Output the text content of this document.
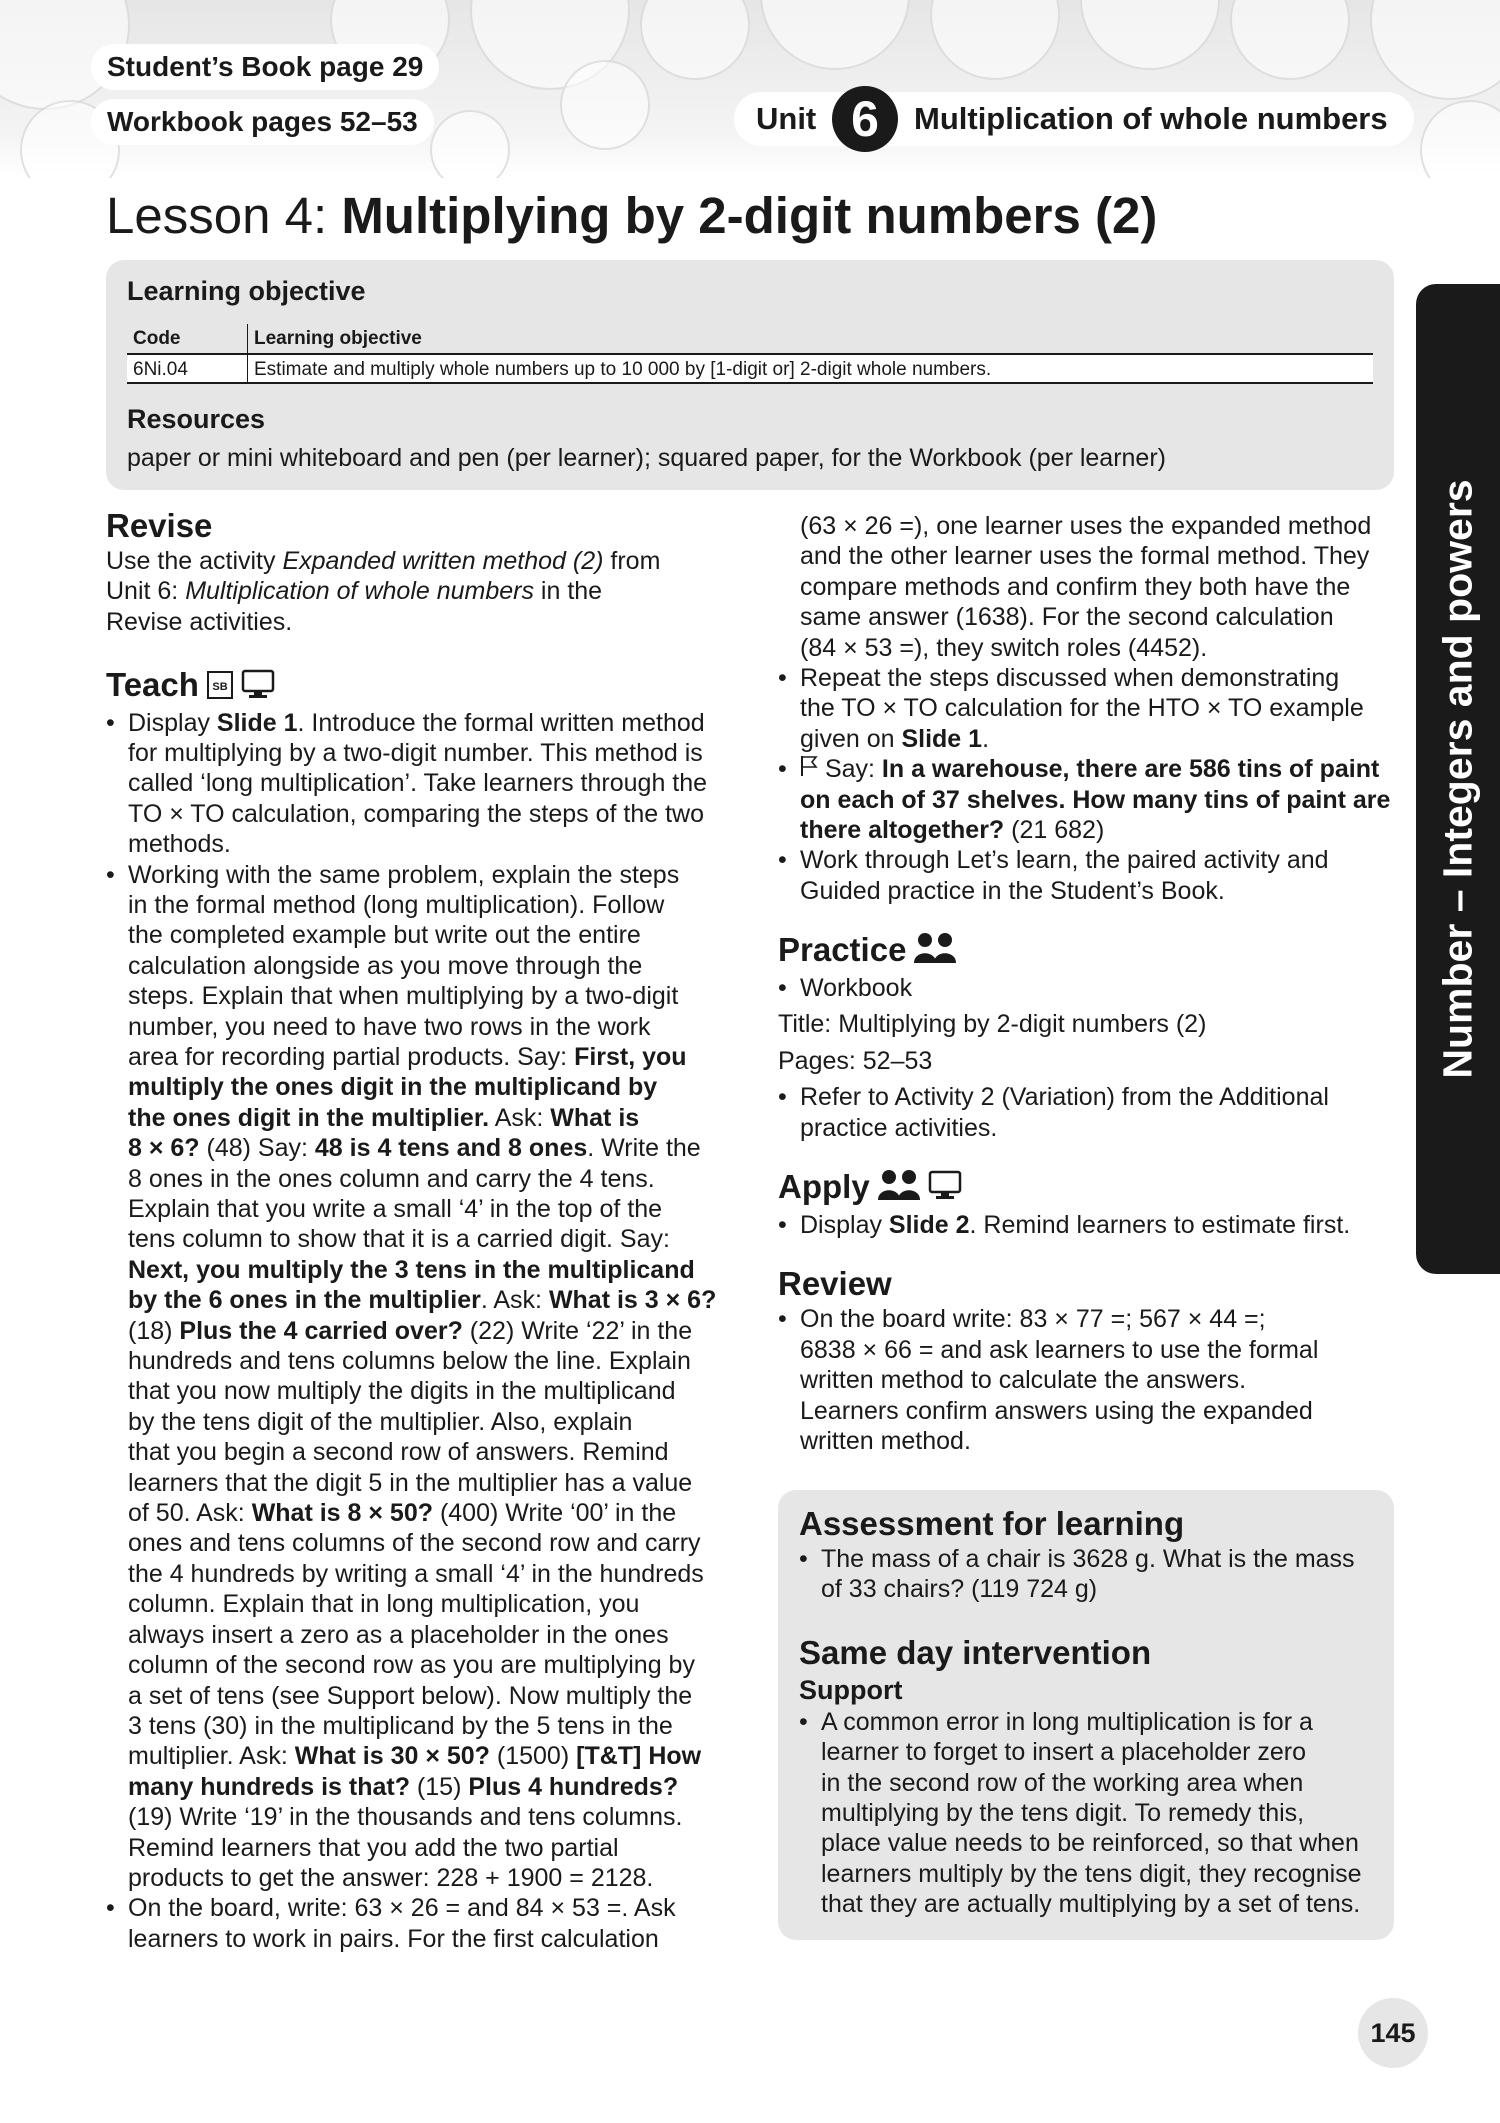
Student’s Book page 29
Workbook pages 52–53	Unit 6	Multiplication of whole numbers
Lesson 4: Multiplying by 2-digit numbers (2)
Learning objective
Code	Learning objective
6Ni.04	Estimate and multiply whole numbers up to 10 000 by [1-digit or] 2-digit whole numbers.
Resources
paper or mini whiteboard and pen (per learner); squared paper, for the Workbook (per learner)
Number – Integers and powers
Revise

Use the activity Expanded written method (2) from

Unit 6: Multiplication of whole numbers in the

Revise activities.

Teach SB

• Display Slide 1. Introduce the formal written method

for multiplying by a two-digit number. This method is

called ‘long multiplication’. Take learners through the

TO × TO calculation, comparing the steps of the two

methods.

• Working with the same problem, explain the steps

in the formal method (long multiplication). Follow

the completed example but write out the entire

calculation alongside as you move through the

steps. Explain that when multiplying by a two-digit

number, you need to have two rows in the work

area for recording partial products. Say: First, you

multiply the ones digit in the multiplicand by

the ones digit in the multiplier. Ask: What is

8 × 6? (48) Say: 48 is 4 tens and 8 ones. Write the

8 ones in the ones column and carry the 4 tens.

Explain that you write a small ‘4’ in the top of the

tens column to show that it is a carried digit. Say:

Next, you multiply the 3 tens in the multiplicand

by the 6 ones in the multiplier. Ask: What is 3 × 6?

(18) Plus the 4 carried over? (22) Write ‘22’ in the

hundreds and tens columns below the line. Explain

that you now multiply the digits in the multiplicand

by the tens digit of the multiplier. Also, explain

that you begin a second row of answers. Remind

learners that the digit 5 in the multiplier has a value

of 50. Ask: What is 8 × 50? (400) Write ‘00’ in the

ones and tens columns of the second row and carry

the 4 hundreds by writing a small ‘4’ in the hundreds

column. Explain that in long multiplication, you

always insert a zero as a placeholder in the ones

column of the second row as you are multiplying by

a set of tens (see Support below). Now multiply the

3 tens (30) in the multiplicand by the 5 tens in the

multiplier. Ask: What is 30 × 50? (1500) [T&T] How

many hundreds is that? (15) Plus 4 hundreds?

(19) Write ‘19’ in the thousands and tens columns.

Remind learners that you add the two partial

products to get the answer: 228 + 1900 = 2128.

• On the board, write: 63 × 26 = and 84 × 53 =. Ask

learners to work in pairs. For the first calculation

(63 × 26 =), one learner uses the expanded method

and the other learner uses the formal method. They

compare methods and confirm they both have the

same answer (1638). For the second calculation

(84 × 53 =), they switch roles (4452).

• Repeat the steps discussed when demonstrating

the TO × TO calculation for the HTO × TO example

given on Slide 1.

• Say: In a warehouse, there are 586 tins of paint

on each of 37 shelves. How many tins of paint are

there altogether? (21 682)

• Work through Let’s learn, the paired activity and

Guided practice in the Student’s Book.

Practice

• Workbook

Title: Multiplying by 2-digit numbers (2)

Pages: 52–53

• Refer to Activity 2 (Variation) from the Additional

practice activities.

Apply

• Display Slide 2. Remind learners to estimate first.

Review

• On the board write: 83 × 77 =; 567 × 44 =;

6838 × 66 = and ask learners to use the formal

written method to calculate the answers.

Learners confirm answers using the expanded

written method.

Assessment for learning

• The mass of a chair is 3628 g. What is the mass

of 33 chairs? (119 724 g)

Same day intervention

Support

• A common error in long multiplication is for a

learner to forget to insert a placeholder zero

in the second row of the working area when

multiplying by the tens digit. To remedy this,

place value needs to be reinforced, so that when

learners multiply by the tens digit, they recognise

that they are actually multiplying by a set of tens.

145
